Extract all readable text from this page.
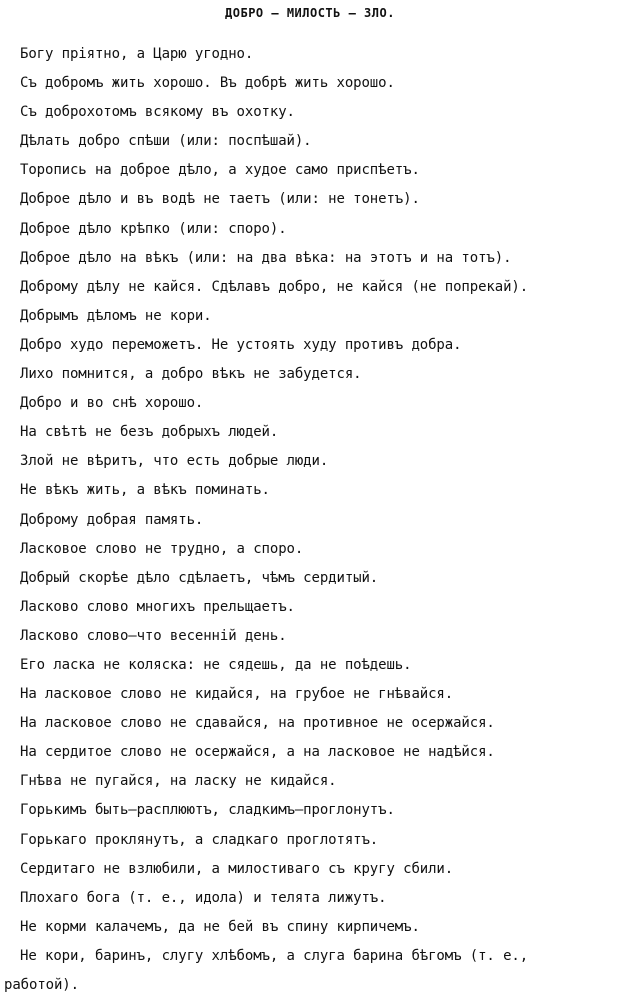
ДОБРО — МИЛОСТЬ — ЗЛО.
Богу пріятно, а Царю угодно.
Съ добромъ жить хорошо. Въ добрѣ жить хорошо.
Съ доброхотомъ всякому въ охотку.
Дѣлать добро спѣши (или: поспѣшай).
Торопись на доброе дѣло, а худое само приспѣетъ.
Доброе дѣло и въ водѣ не таетъ (или: не тонетъ).
Доброе дѣло крѣпко (или: споро).
Доброе дѣло на вѣкъ (или: на два вѣка: на этотъ и на тотъ).
Доброму дѣлу не кайся. Сдѣлавъ добро, не кайся (не попрекай).
Добрымъ дѣломъ не кори.
Добро худо переможетъ. Не устоять худу противъ добра.
Лихо помнится, а добро вѣкъ не забудется.
Добро и во снѣ хорошо.
На свѣтѣ не безъ добрыхъ людей.
Злой не вѣритъ, что есть добрые люди.
Не вѣкъ жить, а вѣкъ поминать.
Доброму добрая память.
Ласковое слово не трудно, а споро.
Добрый скорѣе дѣло сдѣлаетъ, чѣмъ сердитый.
Ласково слово многихъ прельщаетъ.
Ласково слово—что весенній день.
Его ласка не коляска: не сядешь, да не поѣдешь.
На ласковое слово не кидайся, на грубое не гнѣвайся.
На ласковое слово не сдавайся, на противное не осержайся.
На сердитое слово не осержайся, а на ласковое не надѣйся.
Гнѣва не пугайся, на ласку не кидайся.
Горькимъ быть—расплюютъ, сладкимъ—проглонутъ.
Горькаго проклянутъ, а сладкаго проглотятъ.
Сердитаго не взлюбили, а милостиваго съ кругу сбили.
Плохаго бога (т. е., идола) и телята лижутъ.
Не корми калачемъ, да не бей въ спину кирпичемъ.
Не кори, баринъ, слугу хлѣбомъ, а слуга барина бѣгомъ (т. е.,
работой).
